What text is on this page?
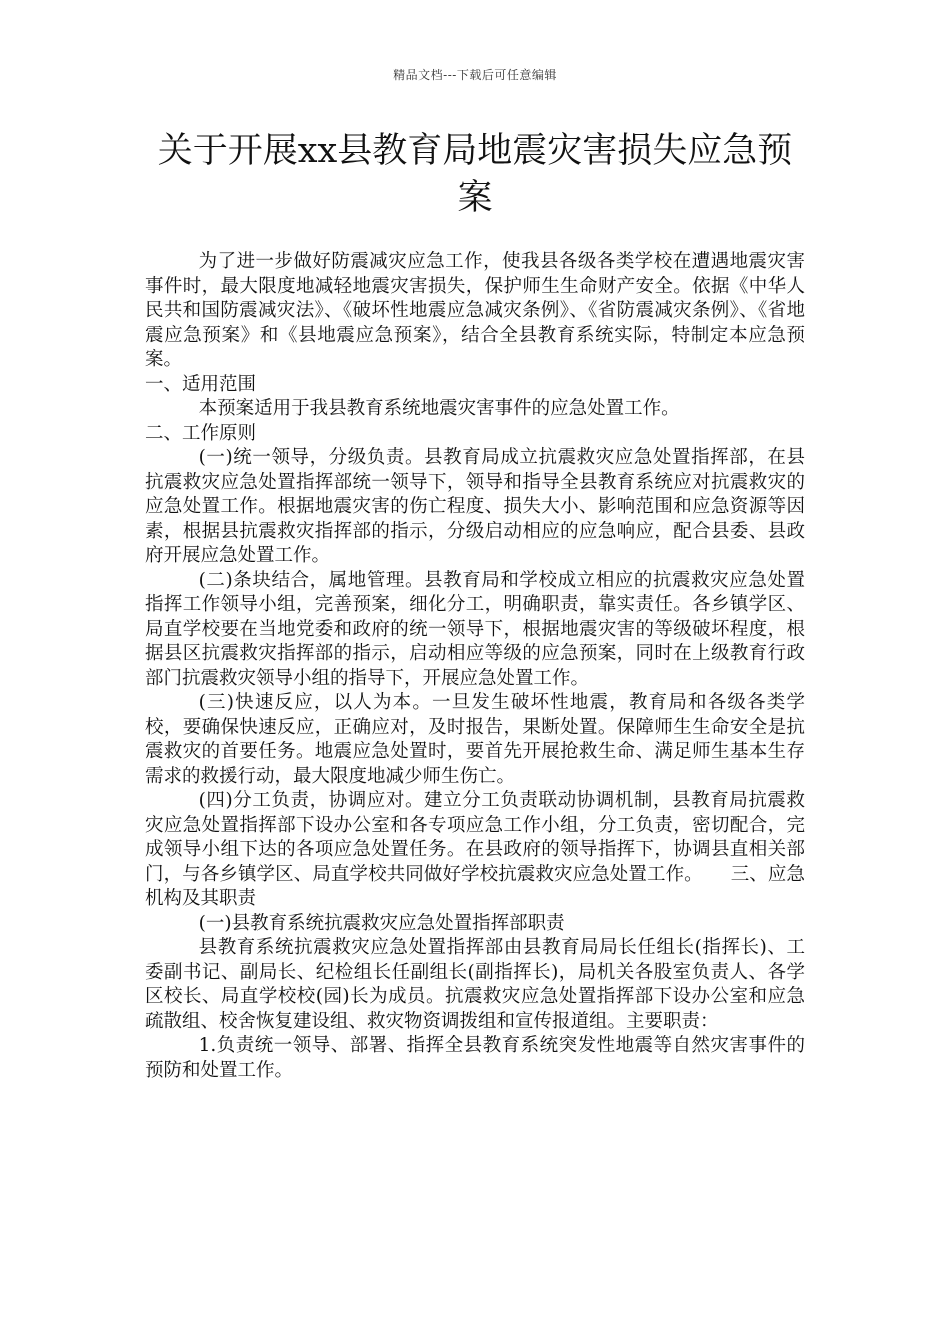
精品文档---下载后可任意编辑
关于开展xx县教育局地震灾害损失应急预案

为了进一步做好防震减灾应急工作，使我县各级各类学校在遭遇地震灾害事件时，最大限度地减轻地震灾害损失，保护师生生命财产安全。依据《中华人民共和国防震减灾法》、《破坏性地震应急减灾条例》、《省防震减灾条例》、《省地震应急预案》和《县地震应急预案》，结合全县教育系统实际，特制定本应急预案。

一、适用范围

本预案适用于我县教育系统地震灾害事件的应急处置工作。

二、工作原则

(一)统一领导，分级负责。县教育局成立抗震救灾应急处置指挥部，在县抗震救灾应急处置指挥部统一领导下，领导和指导全县教育系统应对抗震救灾的应急处置工作。根据地震灾害的伤亡程度、损失大小、影响范围和应急资源等因素，根据县抗震救灾指挥部的指示，分级启动相应的应急响应，配合县委、县政府开展应急处置工作。

(二)条块结合，属地管理。县教育局和学校成立相应的抗震救灾应急处置指挥工作领导小组，完善预案，细化分工，明确职责，靠实责任。各乡镇学区、局直学校要在当地党委和政府的统一领导下，根据地震灾害的等级破坏程度，根据县区抗震救灾指挥部的指示，启动相应等级的应急预案，同时在上级教育行政部门抗震救灾领导小组的指导下，开展应急处置工作。

(三)快速反应，以人为本。一旦发生破坏性地震，教育局和各级各类学校，要确保快速反应，正确应对，及时报告，果断处置。保障师生生命安全是抗震救灾的首要任务。地震应急处置时，要首先开展抢救生命、满足师生基本生存需求的救援行动，最大限度地减少师生伤亡。

(四)分工负责，协调应对。建立分工负责联动协调机制，县教育局抗震救灾应急处置指挥部下设办公室和各专项应急工作小组，分工负责，密切配合，完成领导小组下达的各项应急处置任务。在县政府的领导指挥下，协调县直相关部门，与各乡镇学区、局直学校共同做好学校抗震救灾应急处置工作。　　三、应急机构及其职责

(一)县教育系统抗震救灾应急处置指挥部职责

县教育系统抗震救灾应急处置指挥部由县教育局局长任组长(指挥长)、工委副书记、副局长、纪检组长任副组长(副指挥长)，局机关各股室负责人、各学区校长、局直学校校(园)长为成员。抗震救灾应急处置指挥部下设办公室和应急疏散组、校舍恢复建设组、救灾物资调拨组和宣传报道组。主要职责：

1.负责统一领导、部署、指挥全县教育系统突发性地震等自然灾害事件的预防和处置工作。
